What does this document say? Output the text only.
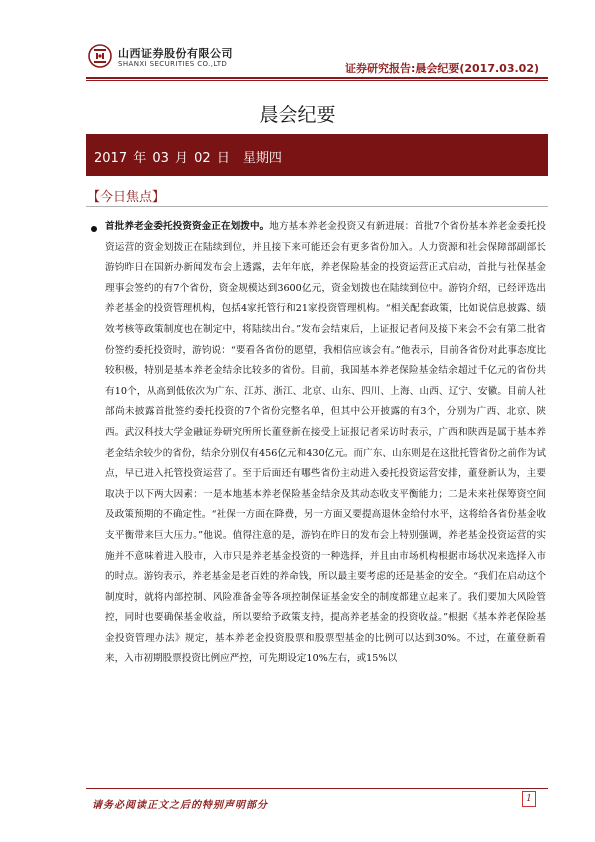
山西证券股份有限公司
SHANXI SECURITIES CO.,LTD	证券研究报告:晨会纪要(2017.03.02)
晨会纪要
2017 年 03 月 02 日　星期四
【今日焦点】

首批养老金委托投资资金正在划拨中。地方基本养老金投资又有新进展：首批7个省份基本养老金委托投资运营的资金划拨正在陆续到位，并且接下来可能还会有更多省份加入。人力资源和社会保障部副部长游钧昨日在国新办新闻发布会上透露，去年年底，养老保险基金的投资运营正式启动，首批与社保基金理事会签约的有7个省份，资金规模达到3600亿元，资金划拨也在陆续到位中。游钧介绍，已经评选出养老基金的投资管理机构，包括4家托管行和21家投资管理机构。“相关配套政策，比如说信息披露、绩效考核等政策制度也在制定中，将陆续出台。”发布会结束后，上证报记者问及接下来会不会有第二批省份签约委托投资时，游钧说：“要看各省份的愿望，我相信应该会有。”他表示，目前各省份对此事态度比较积极，特别是基本养老金结余比较多的省份。目前，我国基本养老保险基金结余超过千亿元的省份共有10个，从高到低依次为广东、江苏、浙江、北京、山东、四川、上海、山西、辽宁、安徽。目前人社部尚未披露首批签约委托投资的7个省份完整名单，但其中公开披露的有3个，分别为广西、北京、陕西。武汉科技大学金融证券研究所所长董登新在接受上证报记者采访时表示，广西和陕西是属于基本养老金结余较少的省份，结余分别仅有456亿元和430亿元。而广东、山东则是在这批托管省份之前作为试点，早已进入托管投资运营了。至于后面还有哪些省份主动进入委托投资运营安排，董登新认为，主要取决于以下两大因素：一是本地基本养老保险基金结余及其动态收支平衡能力；二是未来社保筹资空间及政策预期的不确定性。“社保一方面在降费，另一方面又要提高退休金给付水平，这将给各省份基金收支平衡带来巨大压力。”他说。值得注意的是，游钧在昨日的发布会上特别强调，养老基金投资运营的实施并不意味着进入股市，入市只是养老基金投资的一种选择，并且由市场机构根据市场状况来选择入市的时点。游钧表示，养老基金是老百姓的养命钱，所以最主要考虑的还是基金的安全。“我们在启动这个制度时，就将内部控制、风险准备金等各项控制保证基金安全的制度都建立起来了。我们要加大风险管控，同时也要确保基金收益，所以要给予政策支持，提高养老基金的投资收益。”根据《基本养老保险基金投资管理办法》规定，基本养老金投资股票和股票型基金的比例可以达到30%。不过，在董登新看来，入市初期股票投资比例应严控，可先期设定10%左右，或15%以

请务必阅读正文之后的特别声明部分
1
